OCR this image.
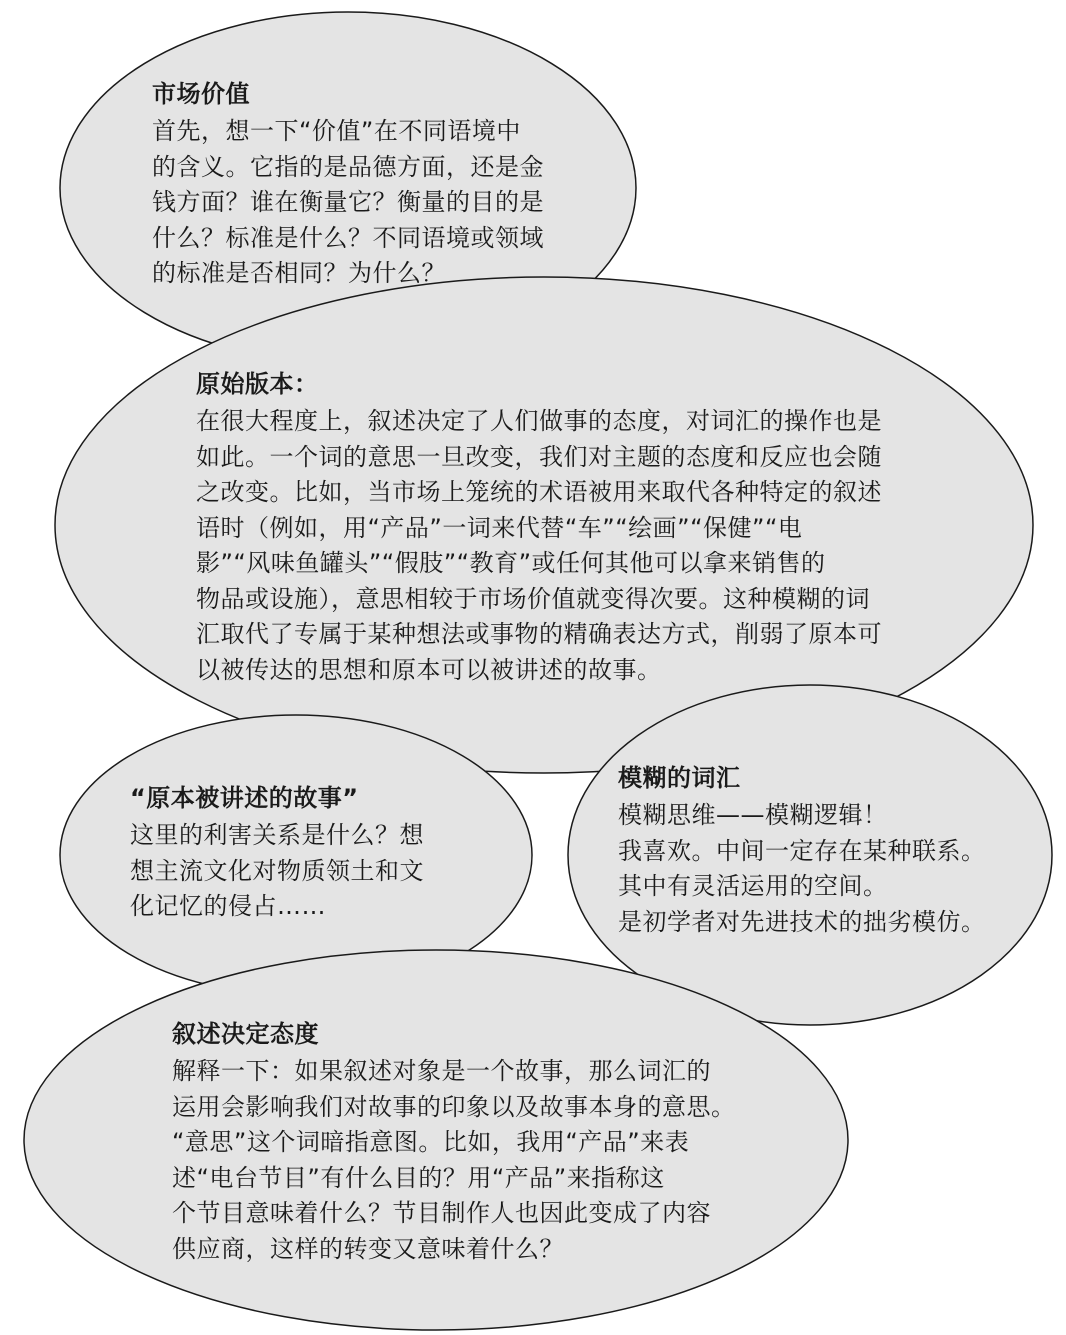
市场价值
首先，想一下“价值”在不同语境中
的含义。它指的是品德方面，还是金
钱方面？谁在衡量它？衡量的目的是
什么？标准是什么？不同语境或领域
的标准是否相同？为什么？
原始版本：
在很大程度上，叙述决定了人们做事的态度，对词汇的操作也是
如此。一个词的意思一旦改变，我们对主题的态度和反应也会随
之改变。比如，当市场上笼统的术语被用来取代各种特定的叙述
语时（例如，用“产品”一词来代替“车”“绘画”“保健”“电
影”“风味鱼罐头”“假肢”“教育”或任何其他可以拿来销售的
物品或设施），意思相较于市场价值就变得次要。这种模糊的词
汇取代了专属于某种想法或事物的精确表达方式，削弱了原本可
以被传达的思想和原本可以被讲述的故事。
“原本被讲述的故事”
这里的利害关系是什么？想
想主流文化对物质领土和文
化记忆的侵占……
模糊的词汇
模糊思维——模糊逻辑！
我喜欢。中间一定存在某种联系。
其中有灵活运用的空间。
是初学者对先进技术的拙劣模仿。
叙述决定态度
解释一下：如果叙述对象是一个故事，那么词汇的
运用会影响我们对故事的印象以及故事本身的意思。
“意思”这个词暗指意图。比如，我用“产品”来表
述“电台节目”有什么目的？用“产品”来指称这
个节目意味着什么？节目制作人也因此变成了内容
供应商，这样的转变又意味着什么？
